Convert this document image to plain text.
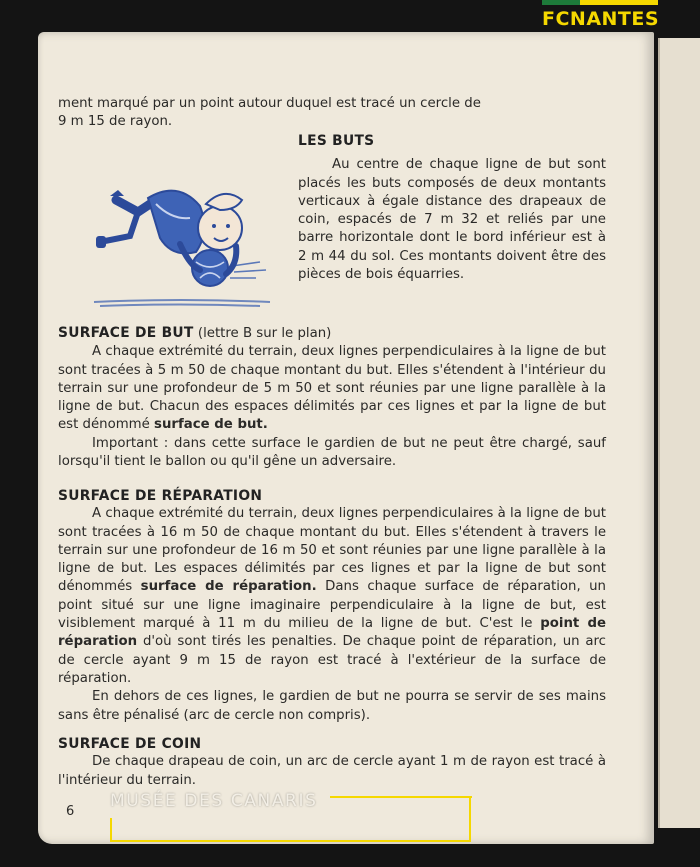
FCNANTES
ment marqué par un point autour duquel est tracé un cercle de
9 m 15 de rayon.
LES BUTS
Au centre de chaque ligne de but sont placés les buts composés de deux montants verticaux à égale distance des drapeaux de coin, espacés de 7 m 32 et reliés par une barre horizontale dont le bord inférieur est à 2 m 44 du sol. Ces montants doivent être des pièces de bois équarries.
SURFACE DE BUT (lettre B sur le plan)
A chaque extrémité du terrain, deux lignes perpendiculaires à la ligne de but sont tracées à 5 m 50 de chaque montant du but. Elles s'étendent à l'intérieur du terrain sur une profondeur de 5 m 50 et sont réunies par une ligne parallèle à la ligne de but. Chacun des espaces délimités par ces lignes et par la ligne de but est dénommé surface de but.
Important : dans cette surface le gardien de but ne peut être chargé, sauf lorsqu'il tient le ballon ou qu'il gêne un adversaire.
SURFACE DE RÉPARATION
A chaque extrémité du terrain, deux lignes perpendiculaires à la ligne de but sont tracées à 16 m 50 de chaque montant du but. Elles s'étendent à travers le terrain sur une profondeur de 16 m 50 et sont réunies par une ligne parallèle à la ligne de but. Les espaces délimités par ces lignes et par la ligne de but sont dénommés surface de réparation. Dans chaque surface de réparation, un point situé sur une ligne imaginaire perpendiculaire à la ligne de but, est visiblement marqué à 11 m du milieu de la ligne de but. C'est le point de réparation d'où sont tirés les penalties. De chaque point de réparation, un arc de cercle ayant 9 m 15 de rayon est tracé à l'extérieur de la surface de réparation.
En dehors de ces lignes, le gardien de but ne pourra se servir de ses mains sans être pénalisé (arc de cercle non compris).
SURFACE DE COIN
De chaque drapeau de coin, un arc de cercle ayant 1 m de rayon est tracé à l'intérieur du terrain.
6
MUSÉE DES CANARIS
